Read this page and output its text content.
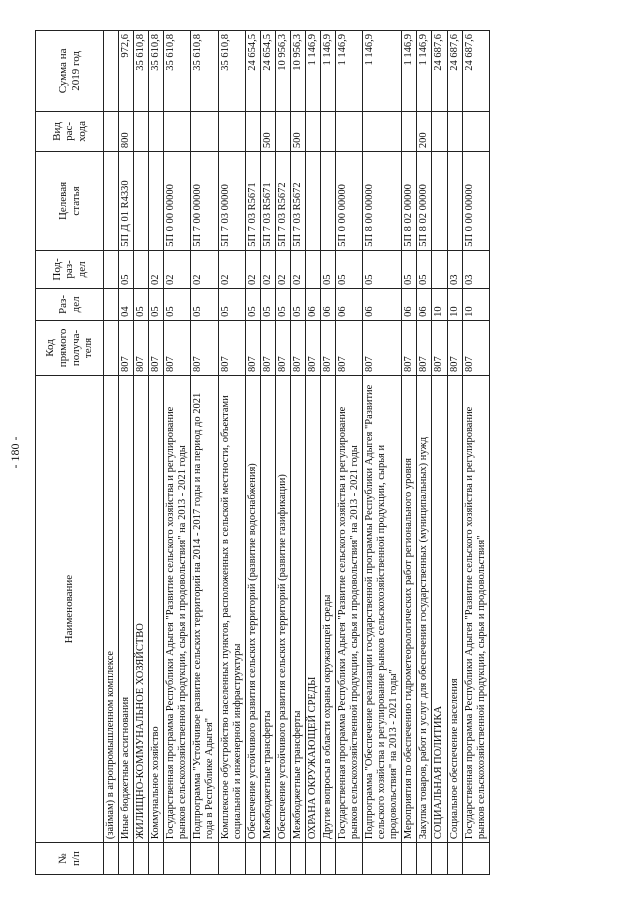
- 180 -
№
п/п	Наименование	Код
прямого
получа-
теля	Раз-
дел	Под-
раз-
дел	Целевая
статья	Вид
рас-
хода	Сумма на
2019 год
	(займам) в агропромышленном комплексе						
	Иные бюджетные ассигнования	807	04	05	5П Д 01 R4330	800	972,6
	ЖИЛИЩНО-КОММУНАЛЬНОЕ ХОЗЯЙСТВО	807	05				35 610,8
	Коммунальное хозяйство	807	05	02			35 610,8
	Государственная программа Республики Адыгея "Развитие сельского хозяйства и регулирование рынков сельскохозяйственной продукции, сырья и продовольствия" на 2013 - 2021 годы	807	05	02	5П 0 00 00000		35 610,8
	Подпрограмма "Устойчивое развитие сельских территорий на 2014 - 2017 годы и на период до 2021 года в Республике Адыгея"	807	05	02	5П 7 00 00000		35 610,8
	Комплексное обустройство населенных пунктов, расположенных в сельской местности, объектами социальной и инженерной инфраструктуры	807	05	02	5П 7 03 00000		35 610,8
	Обеспечение устойчивого развития сельских территорий (развитие водоснабжения)	807	05	02	5П 7 03 R5671		24 654,5
	Межбюджетные трансферты	807	05	02	5П 7 03 R5671	500	24 654,5
	Обеспечение устойчивого развития сельских территорий (развитие газификации)	807	05	02	5П 7 03 R5672		10 956,3
	Межбюджетные трансферты	807	05	02	5П 7 03 R5672	500	10 956,3
	ОХРАНА ОКРУЖАЮЩЕЙ СРЕДЫ	807	06				1 146,9
	Другие вопросы в области охраны окружающей среды	807	06	05			1 146,9
	Государственная программа Республики Адыгея "Развитие сельского хозяйства и регулирование рынков сельскохозяйственной продукции, сырья и продовольствия" на 2013 - 2021 годы	807	06	05	5П 0 00 00000		1 146,9
	Подпрограмма "Обеспечение реализации государственной программы Республики Адыгея "Развитие сельского хозяйства и регулирование рынков сельскохозяйственной продукции, сырья и продовольствия" на 2013 - 2021 годы"	807	06	05	5П 8 00 00000		1 146,9
	Мероприятия по обеспечению гидрометеорологических работ регионального уровня	807	06	05	5П 8 02 00000		1 146,9
	Закупка товаров, работ и услуг для обеспечения государственных (муниципальных) нужд	807	06	05	5П 8 02 00000	200	1 146,9
	СОЦИАЛЬНАЯ ПОЛИТИКА	807	10				24 687,6
	Социальное обеспечение населения	807	10	03			24 687,6
	Государственная программа Республики Адыгея "Развитие сельского хозяйства и регулирование рынков сельскохозяйственной продукции, сырья и продовольствия"	807	10	03	5П 0 00 00000		24 687,6
